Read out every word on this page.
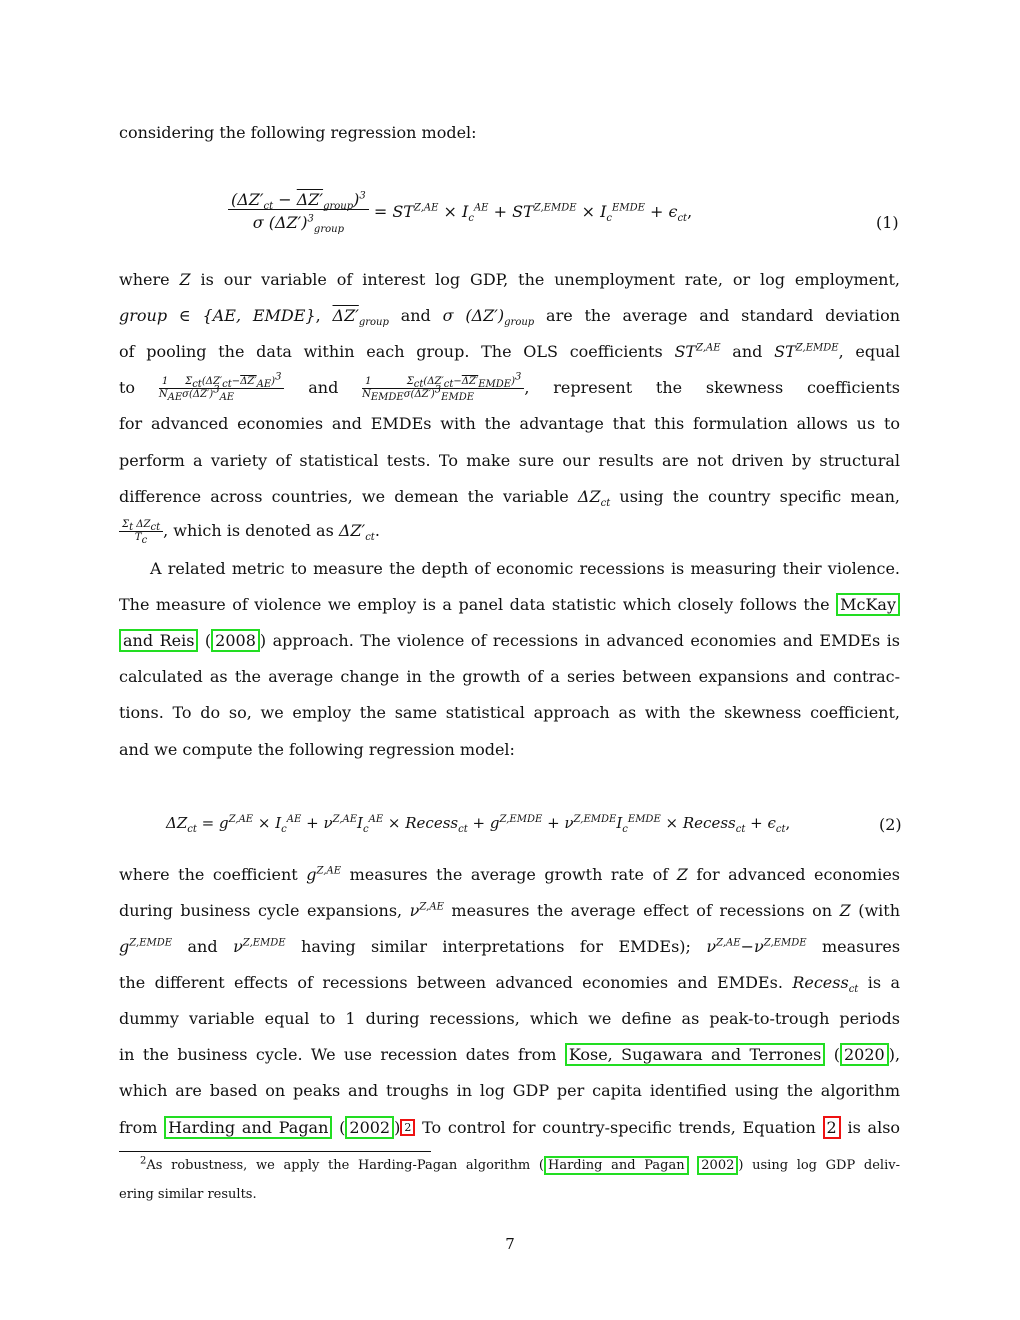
considering the following regression model:
$\frac{(\Delta Z'_{ct} - \Delta Z'_{group})^3}{\sigma (\Delta Z')^3_{group}} = ST^{Z,AE} \times I_c^{AE} + ST^{Z,EMDE} \times I_c^{EMDE} + \epsilon_{ct}$,
(1)
where Z is our variable of interest log GDP, the unemployment rate, or log employment,
group ∈ {AE, EMDE}, $\Delta Z'_{group}$ and σ $(\Delta Z')_{group}$ are the average and standard deviation
of pooling the data within each group. The OLS coefficients $ST^{Z,AE}$ and $ST^{Z,EMDE}$, equal
to $\frac{1}{N_{AE}} \frac{\Sigma_{ct}(\Delta Z'_{ct}-\Delta Z'_{AE})^3}{\sigma(\Delta Z')^3_{AE}}$ and $\frac{1}{N_{EMDE}} \frac{\Sigma_{ct}(\Delta Z'_{ct}-\Delta Z'_{EMDE})^3}{\sigma(\Delta Z')^3_{EMDE}}$ , represent the skewness coefficients
for advanced economies and EMDEs with the advantage that this formulation allows us to
perform a variety of statistical tests. To make sure our results are not driven by structural
difference across countries, we demean the variable $\Delta Z_{ct}$ using the country specific mean,
$\frac{\Sigma_t \Delta Z_{ct}}{T_c}$ , which is denoted as $\Delta Z'_{ct}$.
A related metric to measure the depth of economic recessions is measuring their violence.
The measure of violence we employ is a panel data statistic which closely follows the McKay
and Reis ( 2008 ) approach. The violence of recessions in advanced economies and EMDEs is
calculated as the average change in the growth of a series between expansions and contrac-
tions. To do so, we employ the same statistical approach as with the skewness coefficient,
and we compute the following regression model:
$\Delta Z_{ct} = g^{Z,AE} \times I_c^{AE} + \nu^{Z,AE}I_c^{AE}$ × Recess$_{ct}$ + $g^{Z,EMDE} + \nu^{Z,EMDE}I_c^{EMDE}$ × Recess$_{ct}$ + $\epsilon_{ct}$,	(2)
where the coefficient $g^{Z,AE}$ measures the average growth rate of Z for advanced economies
during business cycle expansions, $\nu^{Z,AE}$ measures the average effect of recessions on Z (with
$g^{Z,EMDE}$ and $\nu^{Z,EMDE}$ having similar interpretations for EMDEs); $\nu^{Z,AE}-\nu^{Z,EMDE}$ measures
the different effects of recessions between advanced economies and EMDEs. Recess$_{ct}$ is a
dummy variable equal to 1 during recessions, which we define as peak-to-trough periods
in the business cycle. We use recession dates from Kose, Sugawara and Terrones ( 2020 ),
which are based on peaks and troughs in log GDP per capita identified using the algorithm
from Harding and Pagan ( 2002 ) $^2$ To control for country-specific trends, Equation 2 is also
$^2$As robustness, we apply the Harding-Pagan algorithm ( Harding and Pagan 2002 ) using log GDP deliv-
ering similar results.
7
